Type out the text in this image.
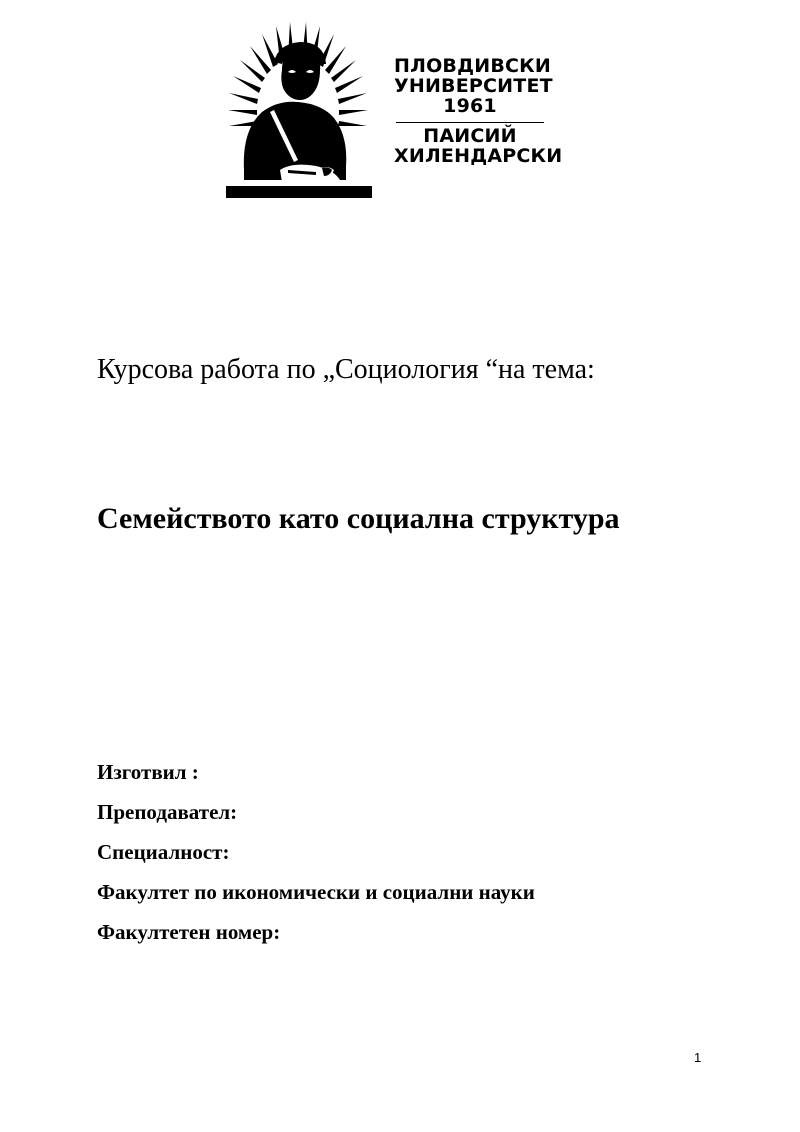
ПЛОВДИВСКИ
УНИВЕРСИТЕТ
1961
ПАИСИЙ
ХИЛЕНДАРСКИ
Курсова работа по „Социология “на тема:
Семейството като социална структура
Изготвил :
Преподавател:
Специалност:
Факултет по икономически и социални науки
Факултетен номер:
1
